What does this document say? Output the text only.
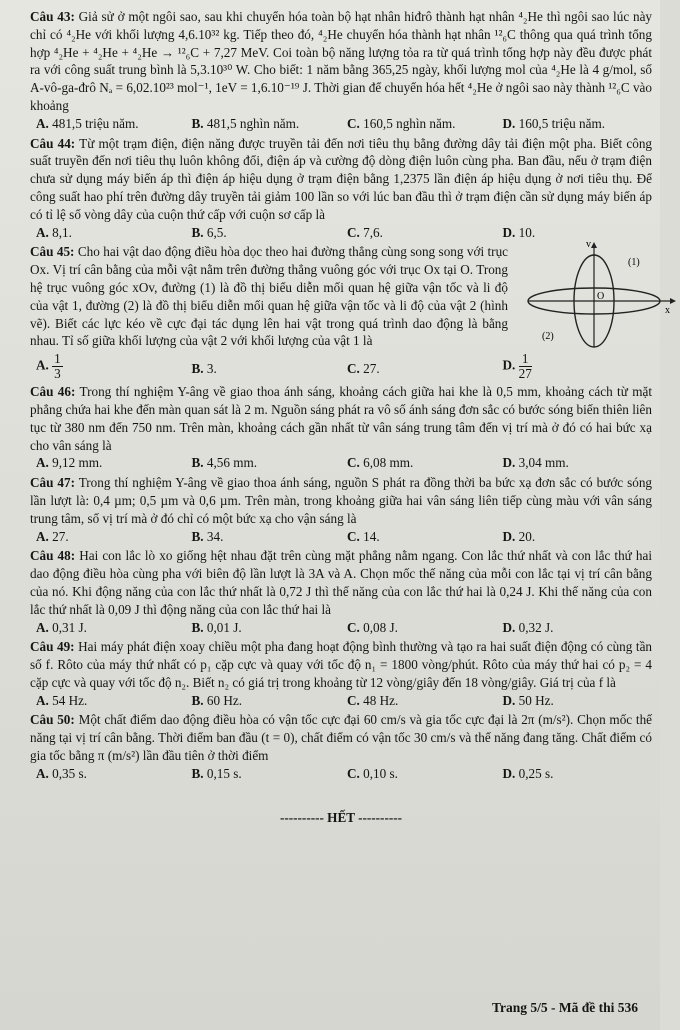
Câu 43: Giả sử ở một ngôi sao, sau khi chuyển hóa toàn bộ hạt nhân hiđrô thành hạt nhân ⁴₂He thì ngôi sao lúc này chỉ có ⁴₂He với khối lượng 4,6.10³² kg. Tiếp theo đó, ⁴₂He chuyển hóa thành hạt nhân ¹²₆C thông qua quá trình tổng hợp ⁴₂He + ⁴₂He + ⁴₂He → ¹²₆C + 7,27 MeV. Coi toàn bộ năng lượng tỏa ra từ quá trình tổng hợp này đều được phát ra với công suất trung bình là 5,3.10³⁰ W. Cho biết: 1 năm bằng 365,25 ngày, khối lượng mol của ⁴₂He là 4 g/mol, số A-vô-ga-đrô Nₐ = 6,02.10²³ mol⁻¹, 1eV = 1,6.10⁻¹⁹ J. Thời gian để chuyển hóa hết ⁴₂He ở ngôi sao này thành ¹²₆C vào khoảng

A. 481,5 triệu năm.	B. 481,5 nghìn năm.	C. 160,5 nghìn năm.	D. 160,5 triệu năm.

Câu 44: Từ một trạm điện, điện năng được truyền tải đến nơi tiêu thụ bằng đường dây tải điện một pha. Biết công suất truyền đến nơi tiêu thụ luôn không đổi, điện áp và cường độ dòng điện luôn cùng pha. Ban đầu, nếu ở trạm điện chưa sử dụng máy biến áp thì điện áp hiệu dụng ở trạm điện bằng 1,2375 lần điện áp hiệu dụng ở nơi tiêu thụ. Để công suất hao phí trên đường dây truyền tải giảm 100 lần so với lúc ban đầu thì ở trạm điện cần sử dụng máy biến áp có tỉ lệ số vòng dây của cuộn thứ cấp với cuộn sơ cấp là

A. 8,1.	B. 6,5.	C. 7,6.	D. 10.

Câu 45: Cho hai vật dao động điều hòa dọc theo hai đường thẳng cùng song song với trục Ox. Vị trí cân bằng của mỗi vật nằm trên đường thẳng vuông góc với trục Ox tại O. Trong hệ trục vuông góc xOv, đường (1) là đồ thị biểu diễn mối quan hệ giữa vận tốc và li độ của vật 1, đường (2) là đồ thị biểu diễn mối quan hệ giữa vận tốc và li độ của vật 2 (hình vẽ). Biết các lực kéo về cực đại tác dụng lên hai vật trong quá trình dao động là bằng nhau. Tỉ số giữa khối lượng của vật 2 với khối lượng của vật 1 là

v
x
O
(1)
(2)
A. $\frac{1}{3}$	B. 3.	C. 27.	D. $\frac{1}{27}$

Câu 46: Trong thí nghiệm Y-âng về giao thoa ánh sáng, khoảng cách giữa hai khe là 0,5 mm, khoảng cách từ mặt phẳng chứa hai khe đến màn quan sát là 2 m. Nguồn sáng phát ra vô số ánh sáng đơn sắc có bước sóng biến thiên liên tục từ 380 nm đến 750 nm. Trên màn, khoảng cách gần nhất từ vân sáng trung tâm đến vị trí mà ở đó có hai bức xạ cho vân sáng là

A. 9,12 mm.	B. 4,56 mm.	C. 6,08 mm.	D. 3,04 mm.

Câu 47: Trong thí nghiệm Y-âng về giao thoa ánh sáng, nguồn S phát ra đồng thời ba bức xạ đơn sắc có bước sóng lần lượt là: 0,4 µm; 0,5 µm và 0,6 µm. Trên màn, trong khoảng giữa hai vân sáng liên tiếp cùng màu với vân sáng trung tâm, số vị trí mà ở đó chỉ có một bức xạ cho vận sáng là

A. 27.	B. 34.	C. 14.	D. 20.

Câu 48: Hai con lắc lò xo giống hệt nhau đặt trên cùng mặt phẳng nằm ngang. Con lắc thứ nhất và con lắc thứ hai dao động điều hòa cùng pha với biên độ lần lượt là 3A và A. Chọn mốc thế năng của mỗi con lắc tại vị trí cân bằng của nó. Khi động năng của con lắc thứ nhất là 0,72 J thì thế năng của con lắc thứ hai là 0,24 J. Khi thế năng của con lắc thứ nhất là 0,09 J thì động năng của con lắc thứ hai là

A. 0,31 J.	B. 0,01 J.	C. 0,08 J.	D. 0,32 J.

Câu 49: Hai máy phát điện xoay chiều một pha đang hoạt động bình thường và tạo ra hai suất điện động có cùng tần số f. Rôto của máy thứ nhất có p₁ cặp cực và quay với tốc độ n₁ = 1800 vòng/phút. Rôto của máy thứ hai có p₂ = 4 cặp cực và quay với tốc độ n₂. Biết n₂ có giá trị trong khoảng từ 12 vòng/giây đến 18 vòng/giây. Giá trị của f là

A. 54 Hz.	B. 60 Hz.	C. 48 Hz.	D. 50 Hz.

Câu 50: Một chất điểm dao động điều hòa có vận tốc cực đại 60 cm/s và gia tốc cực đại là 2π (m/s²). Chọn mốc thế năng tại vị trí cân bằng. Thời điểm ban đầu (t = 0), chất điểm có vận tốc 30 cm/s và thế năng đang tăng. Chất điểm có gia tốc bằng π (m/s²) lần đầu tiên ở thời điểm

A. 0,35 s.	B. 0,15 s.	C. 0,10 s.	D. 0,25 s.
---------- HẾT ----------
Trang 5/5 - Mã đề thi 536
